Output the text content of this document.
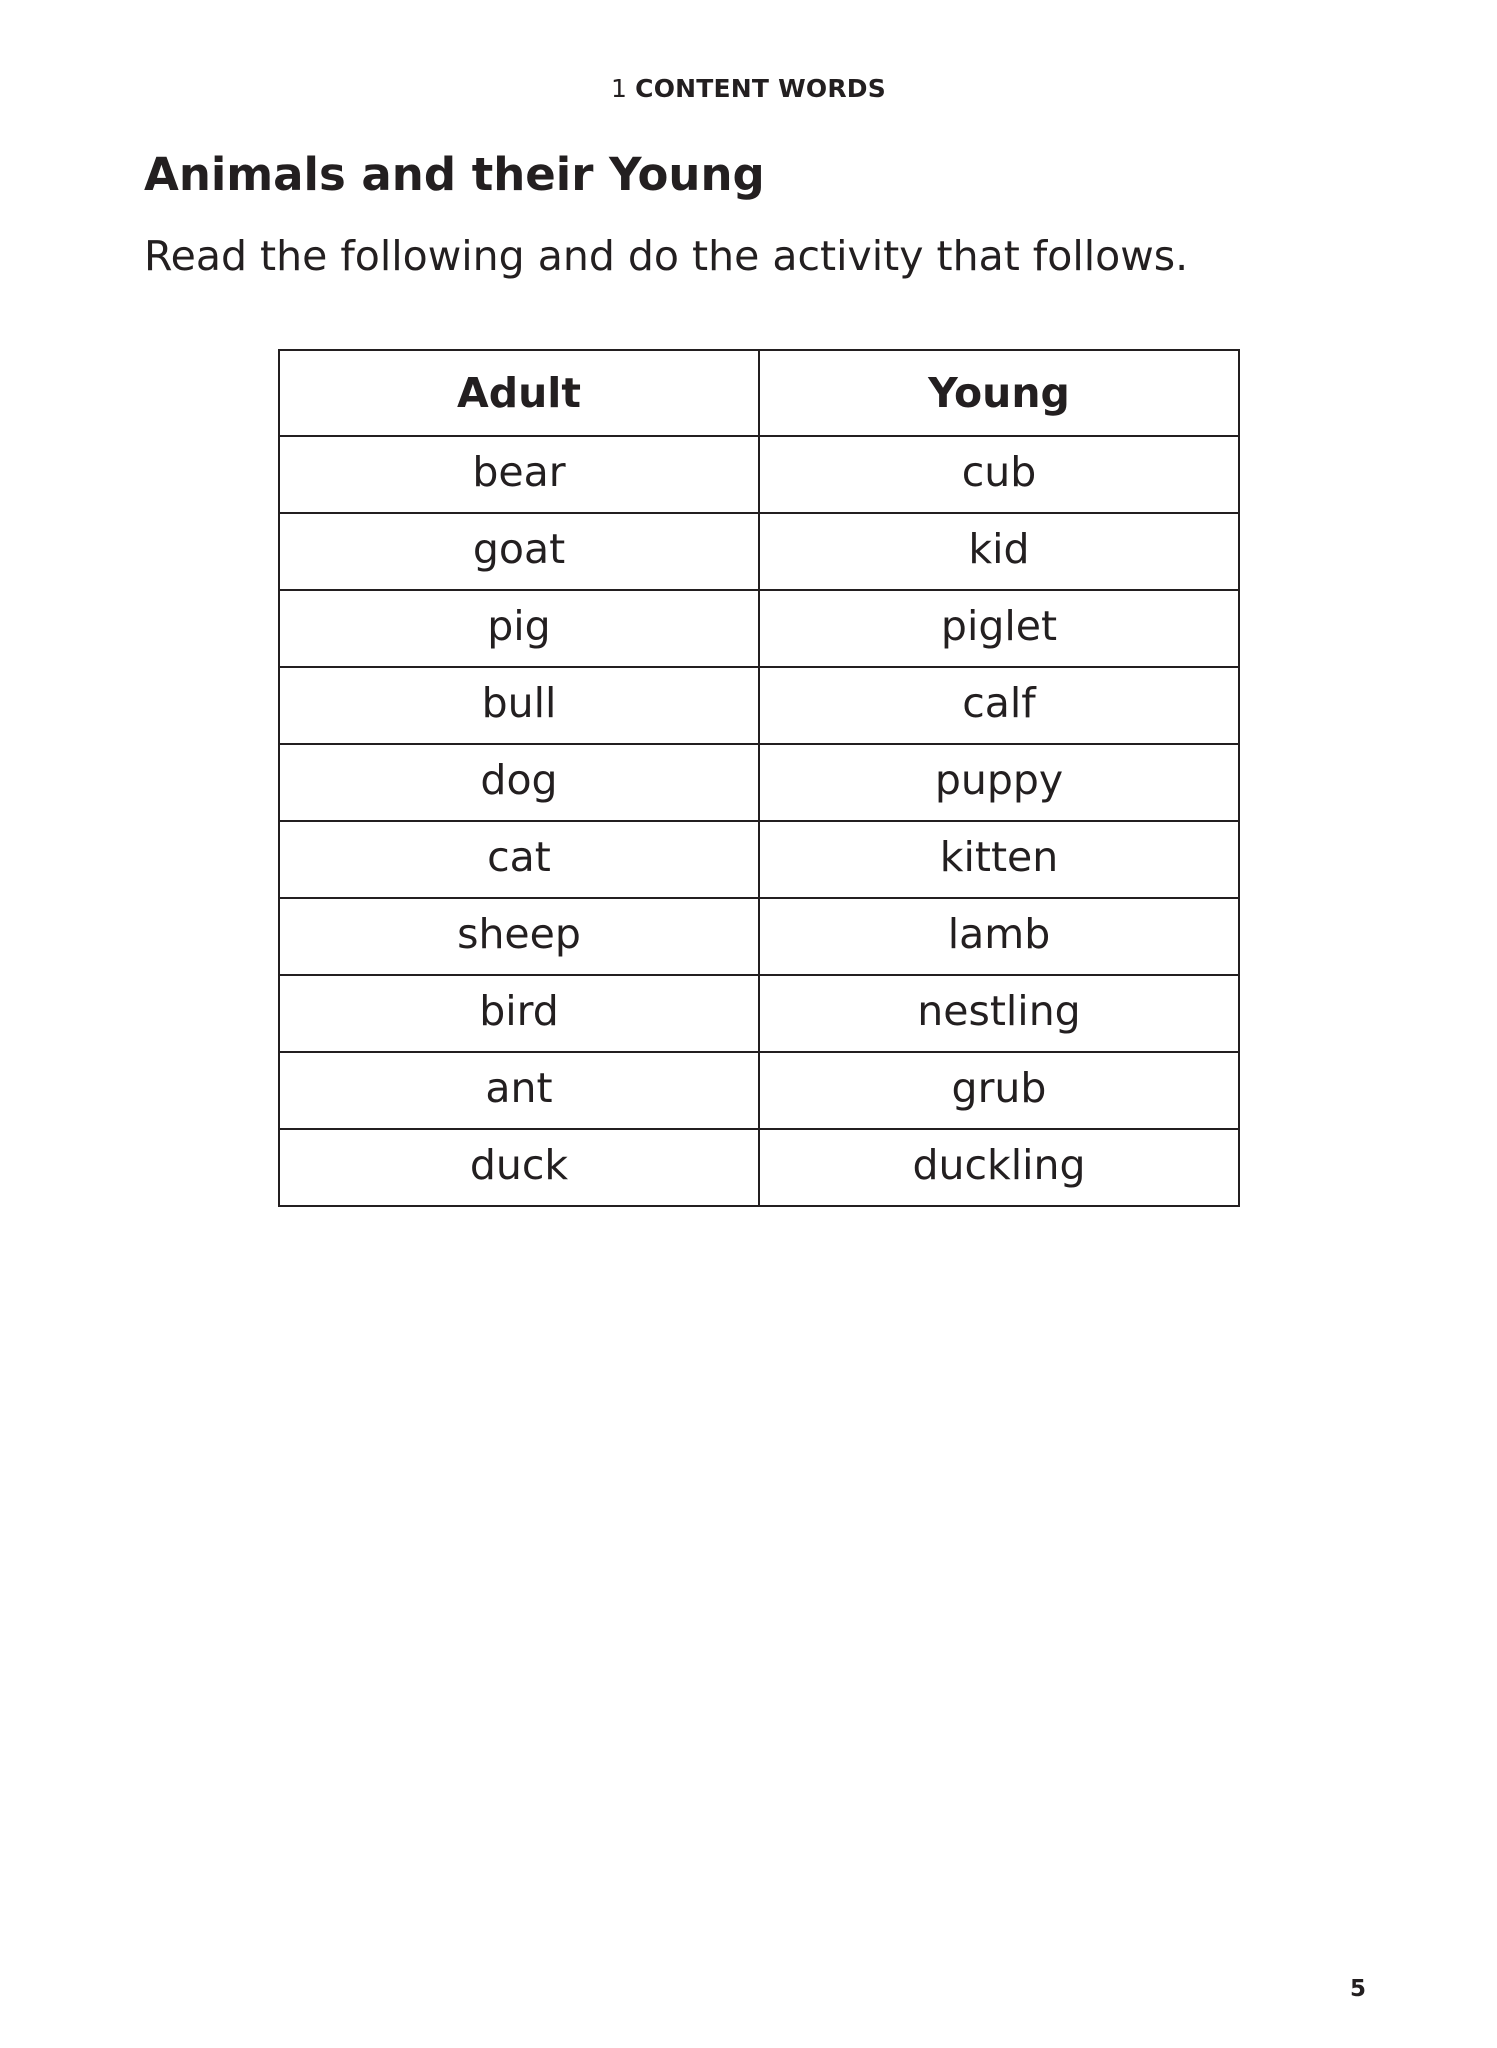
1 CONTENT WORDS
Animals and their Young

Read the following and do the activity that follows.

Adult	Young
bear	cub
goat	kid
pig	piglet
bull	calf
dog	puppy
cat	kitten
sheep	lamb
bird	nestling
ant	grub
duck	duckling
5
